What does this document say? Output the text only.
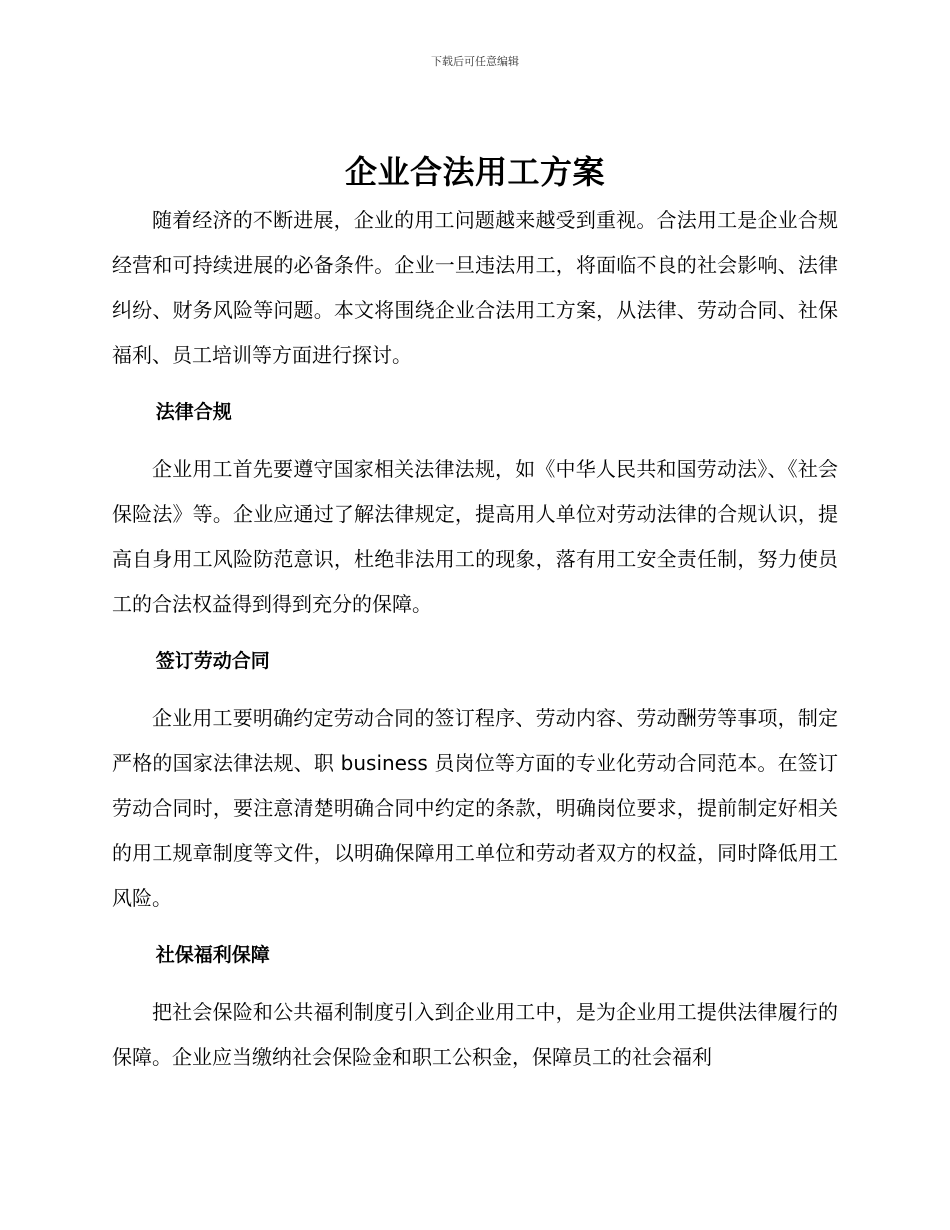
下载后可任意编辑
企业合法用工方案

随着经济的不断进展，企业的用工问题越来越受到重视。合法用工是企业合规经营和可持续进展的必备条件。企业一旦违法用工，将面临不良的社会影响、法律纠纷、财务风险等问题。本文将围绕企业合法用工方案，从法律、劳动合同、社保福利、员工培训等方面进行探讨。

法律合规

企业用工首先要遵守国家相关法律法规，如《中华人民共和国劳动法》、《社会保险法》等。企业应通过了解法律规定，提高用人单位对劳动法律的合规认识，提高自身用工风险防范意识，杜绝非法用工的现象，落有用工安全责任制，努力使员工的合法权益得到得到充分的保障。

签订劳动合同

企业用工要明确约定劳动合同的签订程序、劳动内容、劳动酬劳等事项，制定严格的国家法律法规、职 business 员岗位等方面的专业化劳动合同范本。在签订劳动合同时，要注意清楚明确合同中约定的条款，明确岗位要求，提前制定好相关的用工规章制度等文件，以明确保障用工单位和劳动者双方的权益，同时降低用工风险。

社保福利保障

把社会保险和公共福利制度引入到企业用工中，是为企业用工提供法律履行的保障。企业应当缴纳社会保险金和职工公积金，保障员工的社会福利
